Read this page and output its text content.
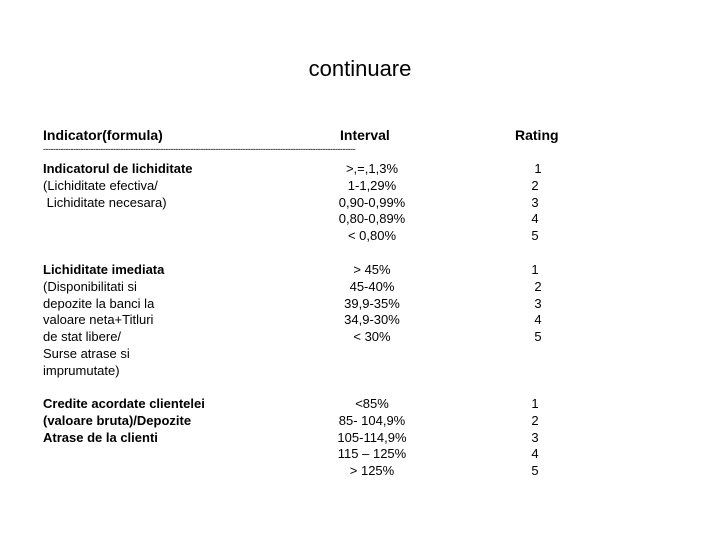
continuare
Indicator(formula)	Interval	Rating
-----------------------------------------------------------------------------------------------------------------------------
Indicatorul de lichiditate
(Lichiditate efectiva/
Lichiditate necesara)
>,=,1,3%
1-1,29%
0,90-0,99%
0,80-0,89%
< 0,80%
1
2
3
4
5
Lichiditate imediata
(Disponibilitati si
depozite la banci la
valoare neta+Titluri
de stat libere/
Surse atrase si
imprumutate)
> 45%
45-40%
39,9-35%
34,9-30%
< 30%
1
2
3
4
5
Credite acordate clientelei
(valoare bruta)/Depozite
Atrase de la clienti
<85%
85- 104,9%
105-114,9%
115 – 125%
> 125%
1
2
3
4
5
